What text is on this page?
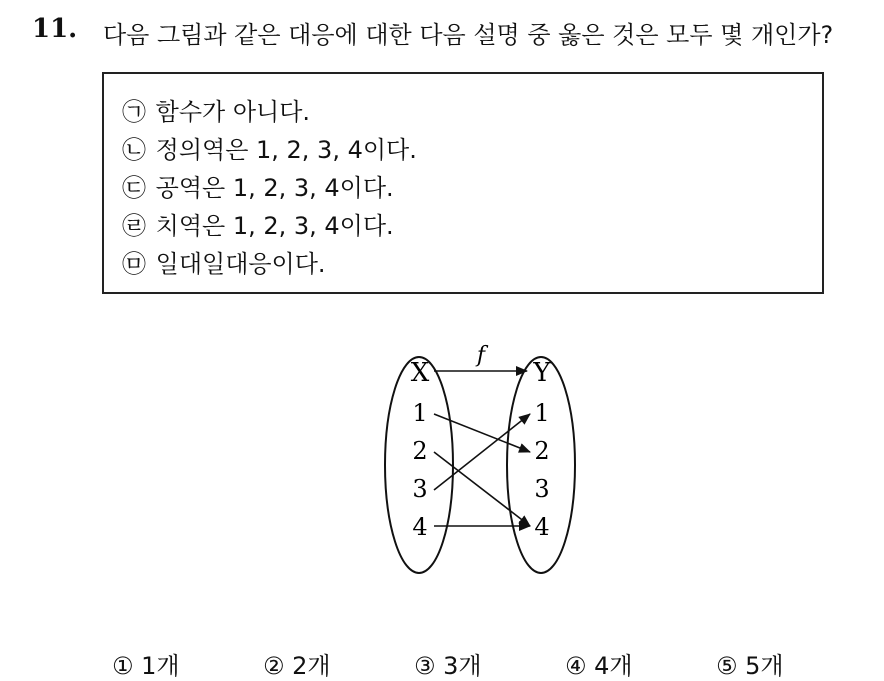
11. 다음 그림과 같은 대응에 대한 다음 설명 중 옳은 것은 모두 몇 개인가?
㉠ 함수가 아니다.
㉡ 정의역은 1, 2, 3, 4이다.
㉢ 공역은 1, 2, 3, 4이다.
㉣ 치역은 1, 2, 3, 4이다.
㉤ 일대일대응이다.
X	Y
f
1
2
3
4
1
2
3
4
① 1개	② 2개	③ 3개	④ 4개	⑤ 5개
